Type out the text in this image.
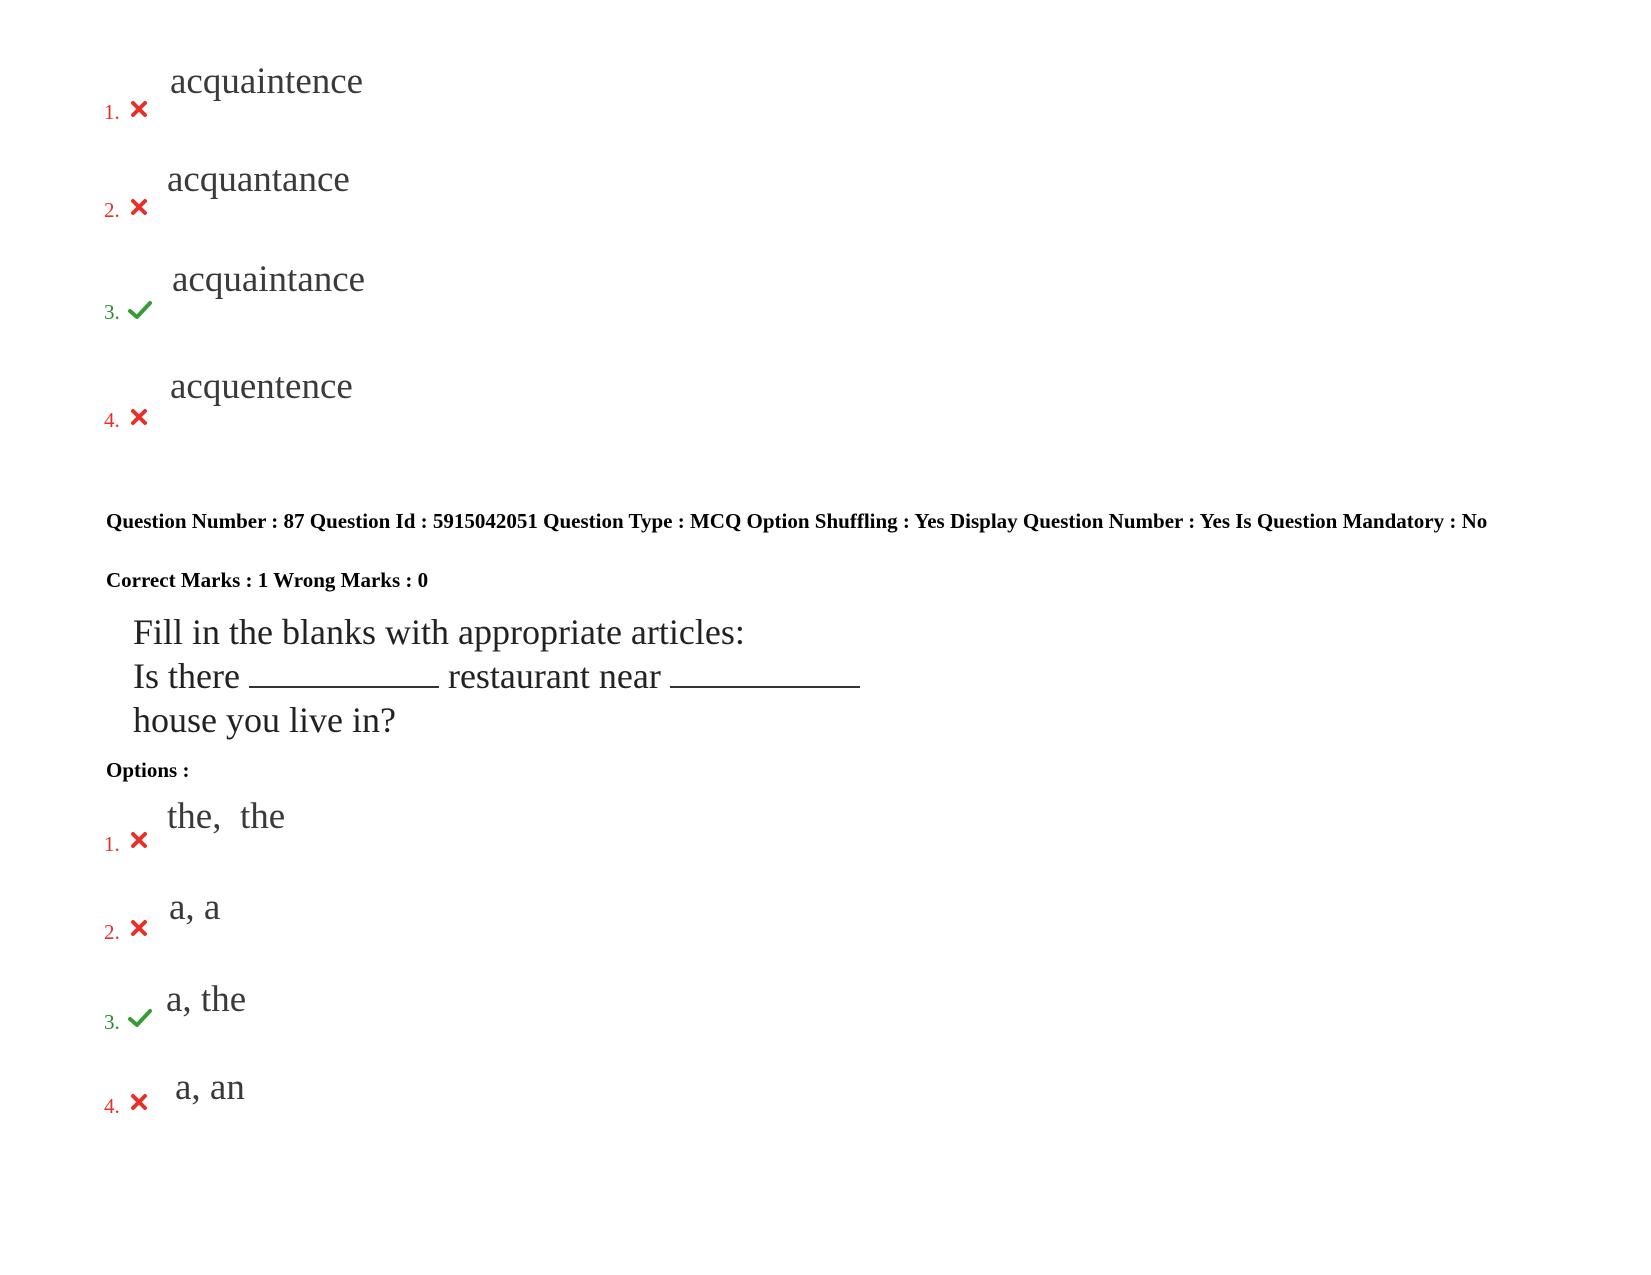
1.
acquaintence
2.
acquantance
3.
acquaintance
4.
acquentence
Question Number : 87 Question Id : 5915042051 Question Type : MCQ Option Shuffling : Yes Display Question Number : Yes Is Question Mandatory : No
Correct Marks : 1 Wrong Marks : 0
Fill in the blanks with appropriate articles:
Is there	restaurant near
house you live in?
Options :
1.
the,  the
2.
a, a
3.
a, the
4. a, an
